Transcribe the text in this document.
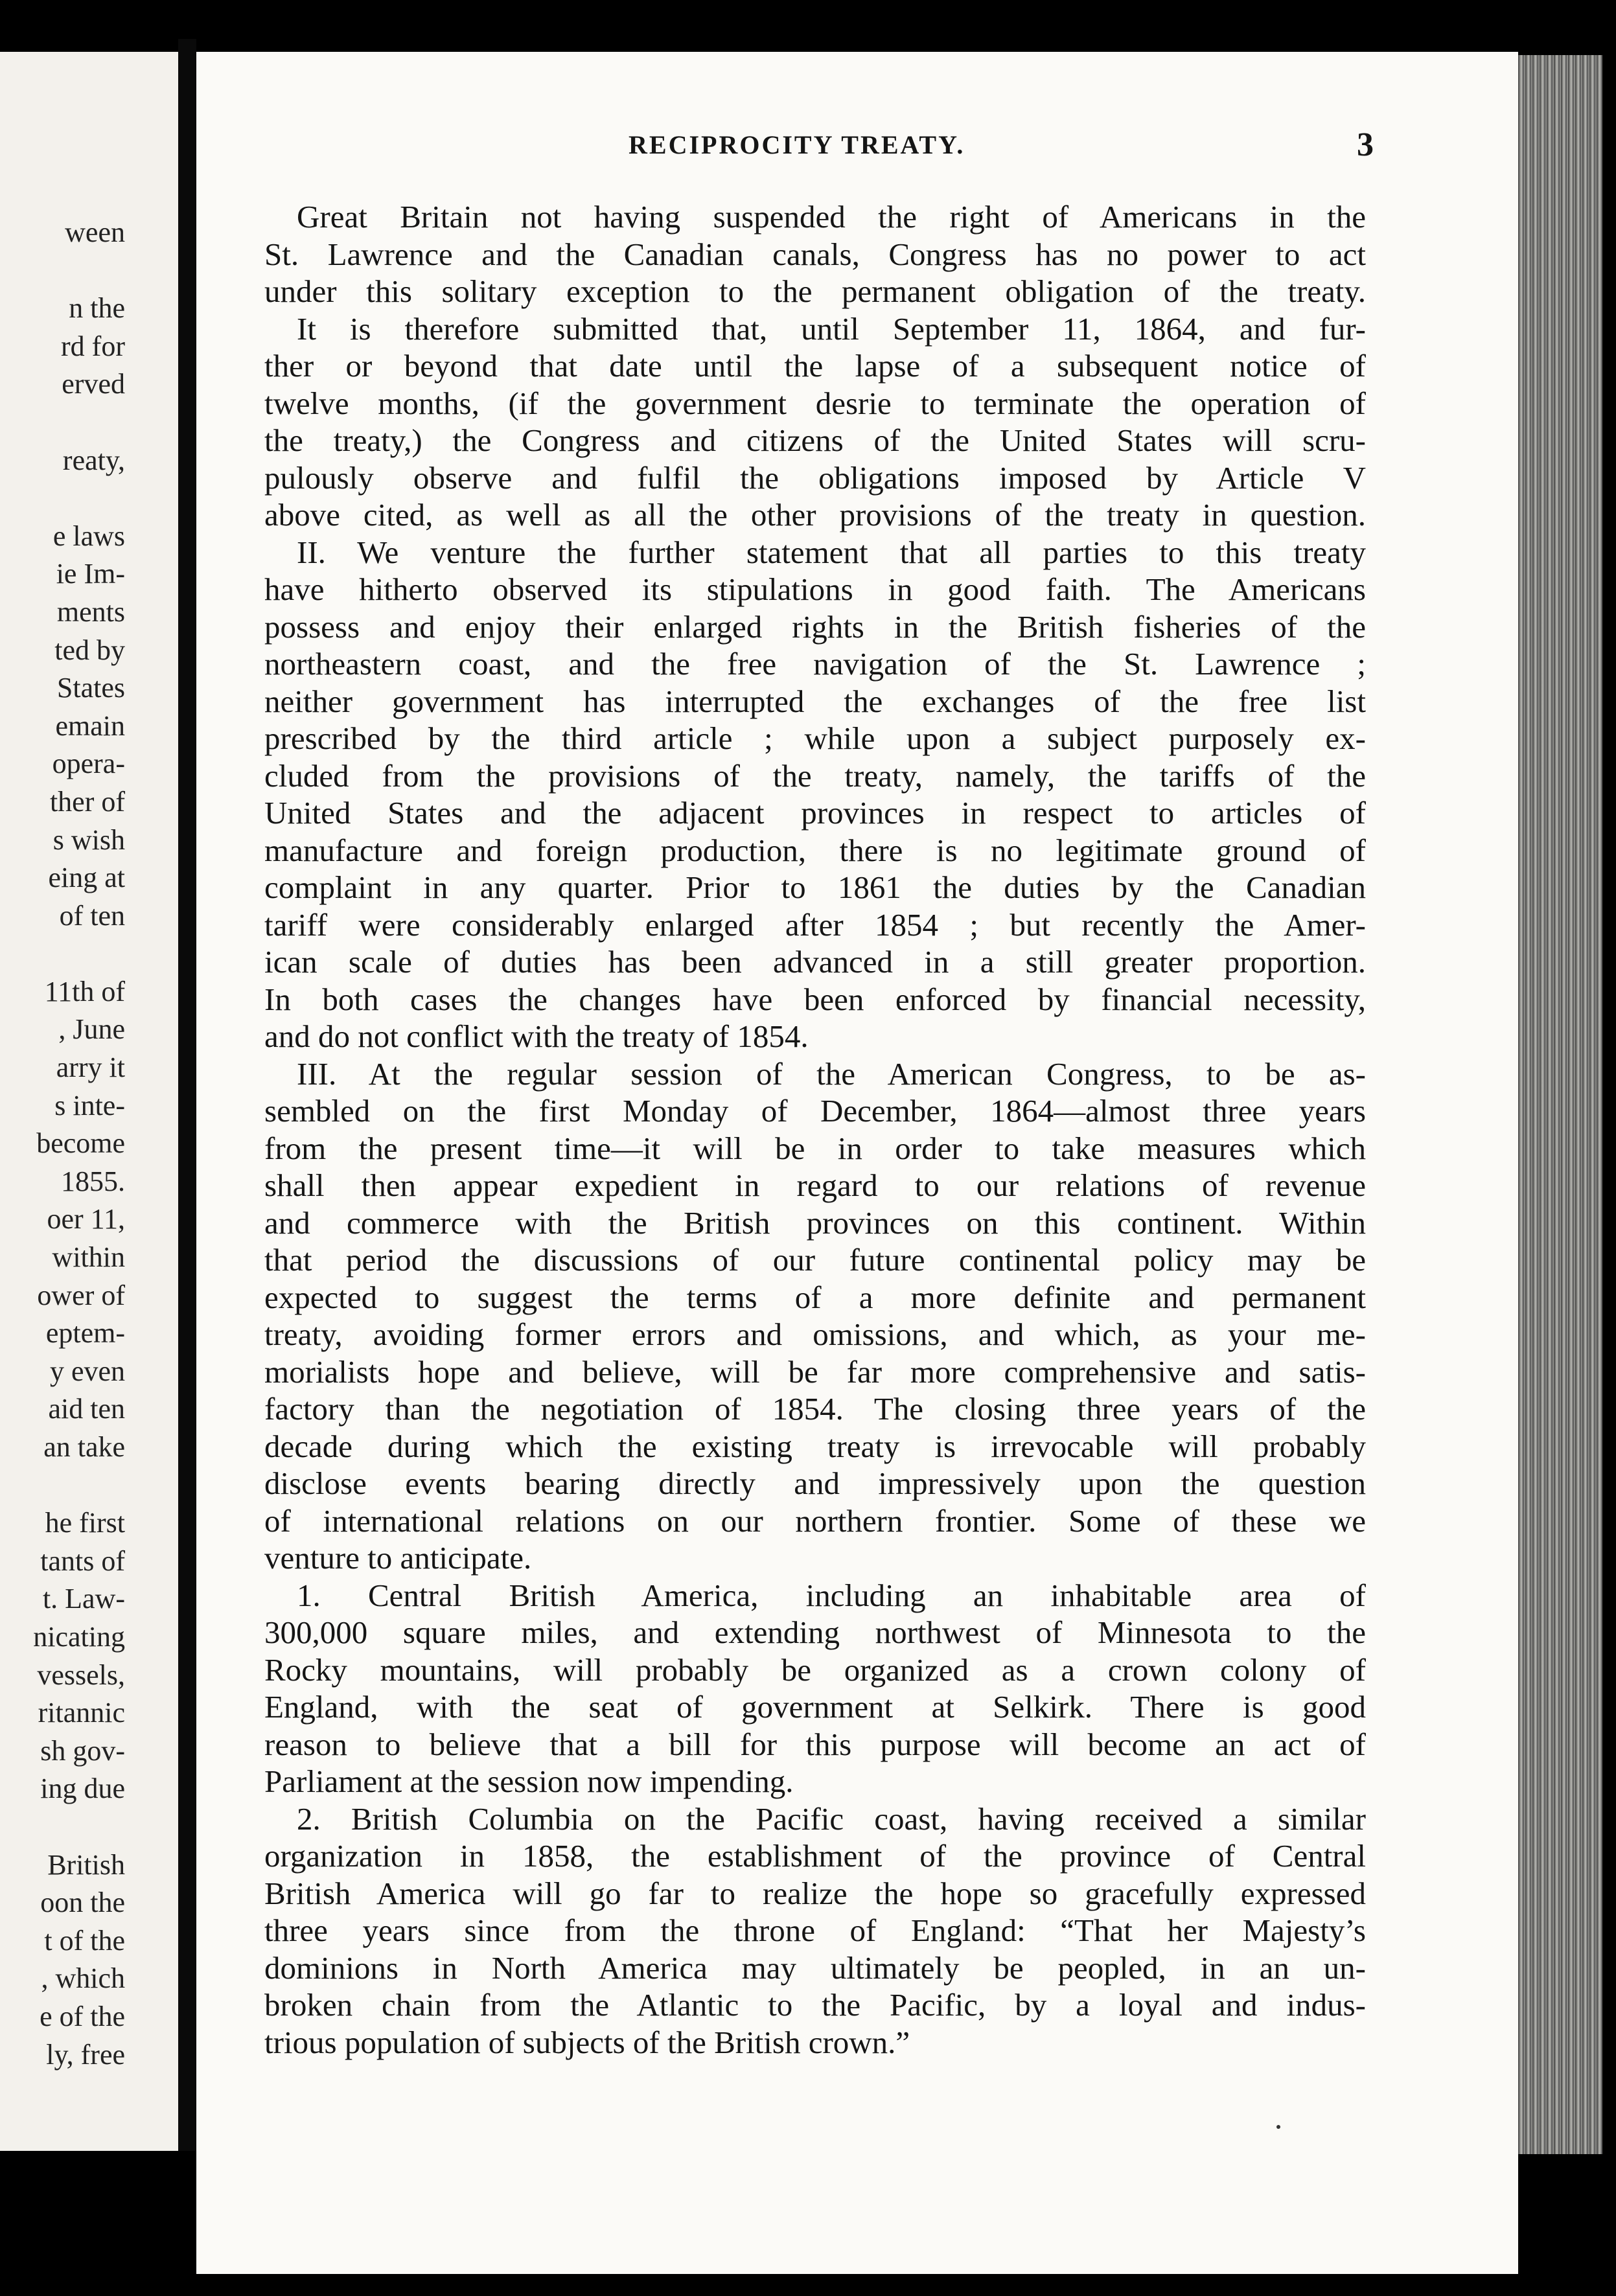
ween

n the
rd for
erved

reaty,

e laws
ie Im-
ments
ted by
States
emain
opera-
ther of
s wish
eing at
of ten

11th of
, June
arry it
s inte-
become
1855.
oer 11,
within
ower of
eptem-
y even
aid ten
an take

he first
tants of
t. Law-
nicating
vessels,
ritannic
sh gov-
ing due

British
oon the
t of the
, which
e of the
ly, free
RECIPROCITY TREATY.	3
Great Britain not having suspended the right of Americans in the
St. Lawrence and the Canadian canals, Congress has no power to act
under this solitary exception to the permanent obligation of the treaty.
It is therefore submitted that, until September 11, 1864, and fur-
ther or beyond that date until the lapse of a subsequent notice of
twelve months, (if the government desrie to terminate the operation of
the treaty,) the Congress and citizens of the United States will scru-
pulously observe and fulfil the obligations imposed by Article V
above cited, as well as all the other provisions of the treaty in question.
II. We venture the further statement that all parties to this treaty
have hitherto observed its stipulations in good faith. The Americans
possess and enjoy their enlarged rights in the British fisheries of the
northeastern coast, and the free navigation of the St. Lawrence ;
neither government has interrupted the exchanges of the free list
prescribed by the third article ; while upon a subject purposely ex-
cluded from the provisions of the treaty, namely, the tariffs of the
United States and the adjacent provinces in respect to articles of
manufacture and foreign production, there is no legitimate ground of
complaint in any quarter. Prior to 1861 the duties by the Canadian
tariff were considerably enlarged after 1854 ; but recently the Amer-
ican scale of duties has been advanced in a still greater proportion.
In both cases the changes have been enforced by financial necessity,
and do not conflict with the treaty of 1854.
III. At the regular session of the American Congress, to be as-
sembled on the first Monday of December, 1864—almost three years
from the present time—it will be in order to take measures which
shall then appear expedient in regard to our relations of revenue
and commerce with the British provinces on this continent. Within
that period the discussions of our future continental policy may be
expected to suggest the terms of a more definite and permanent
treaty, avoiding former errors and omissions, and which, as your me-
morialists hope and believe, will be far more comprehensive and satis-
factory than the negotiation of 1854. The closing three years of the
decade during which the existing treaty is irrevocable will probably
disclose events bearing directly and impressively upon the question
of international relations on our northern frontier. Some of these we
venture to anticipate.
1. Central British America, including an inhabitable area of
300,000 square miles, and extending northwest of Minnesota to the
Rocky mountains, will probably be organized as a crown colony of
England, with the seat of government at Selkirk. There is good
reason to believe that a bill for this purpose will become an act of
Parliament at the session now impending.
2. British Columbia on the Pacific coast, having received a similar
organization in 1858, the establishment of the province of Central
British America will go far to realize the hope so gracefully expressed
three years since from the throne of England: “That her Majesty’s
dominions in North America may ultimately be peopled, in an un-
broken chain from the Atlantic to the Pacific, by a loyal and indus-
trious population of subjects of the British crown.”
